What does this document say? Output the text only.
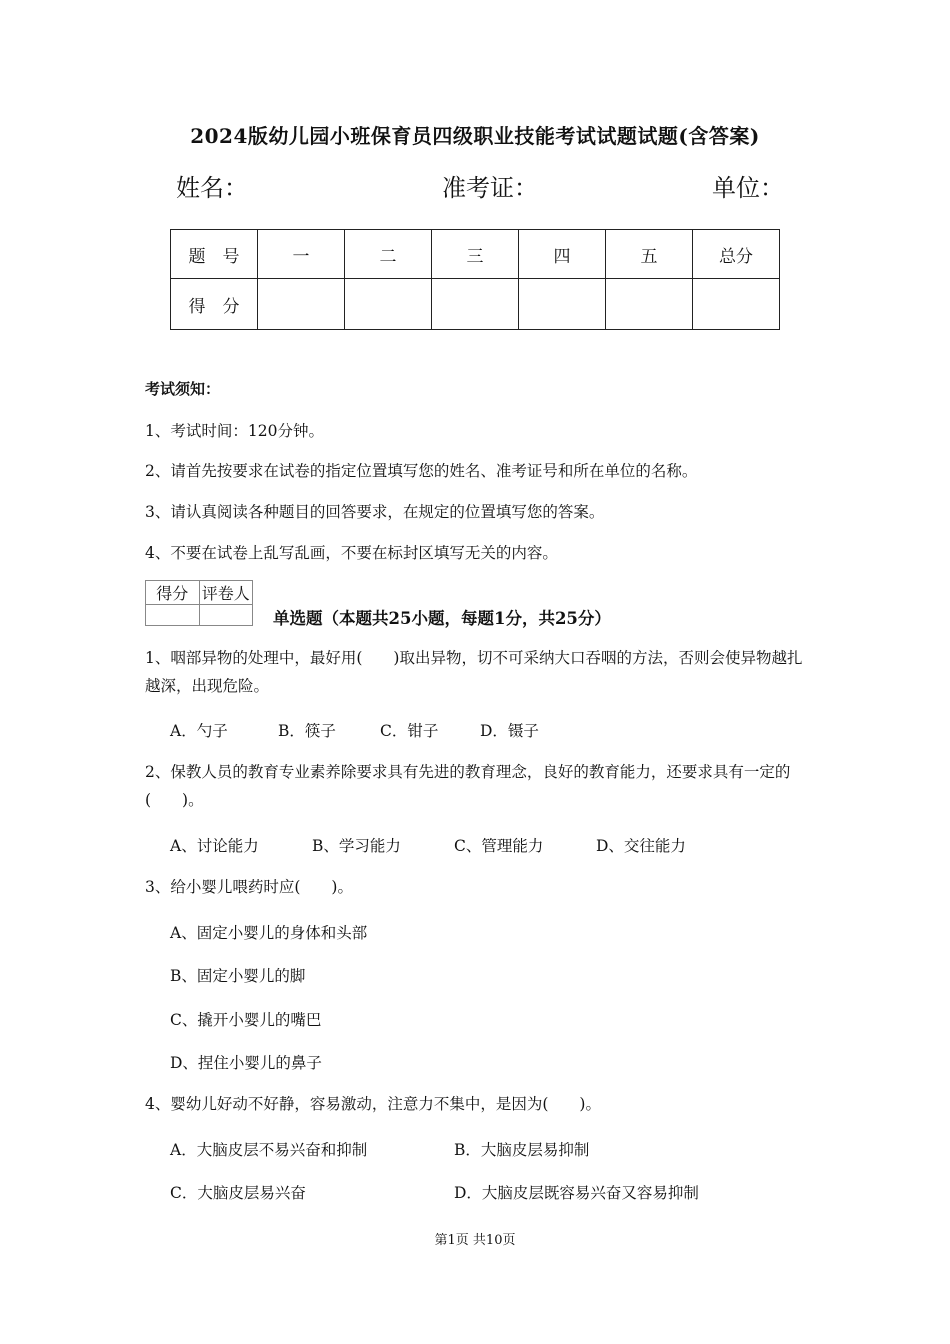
2024版幼儿园小班保育员四级职业技能考试试题试题(含答案)
姓名：	准考证：	单位：
题　号	一	二	三	四	五	总分
得　分						
考试须知：
1、考试时间：120分钟。
2、请首先按要求在试卷的指定位置填写您的姓名、准考证号和所在单位的名称。
3、请认真阅读各种题目的回答要求，在规定的位置填写您的答案。
4、不要在试卷上乱写乱画，不要在标封区填写无关的内容。
得分	评卷人

单选题（本题共25小题，每题1分，共25分）
1、咽部异物的处理中，最好用(　　)取出异物，切不可采纳大口吞咽的方法，否则会使异物越扎越深，出现危险。
A．勺子	B．筷子	C．钳子	D．镊子
2、保教人员的教育专业素养除要求具有先进的教育理念，良好的教育能力，还要求具有一定的(　　)。
A、讨论能力	B、学习能力	C、管理能力	D、交往能力
3、给小婴儿喂药时应(　　)。
A、固定小婴儿的身体和头部
B、固定小婴儿的脚
C、撬开小婴儿的嘴巴
D、捏住小婴儿的鼻子
4、婴幼儿好动不好静，容易激动，注意力不集中，是因为(　　)。
A．大脑皮层不易兴奋和抑制	B．大脑皮层易抑制
C．大脑皮层易兴奋	D．大脑皮层既容易兴奋又容易抑制
第1页 共10页
